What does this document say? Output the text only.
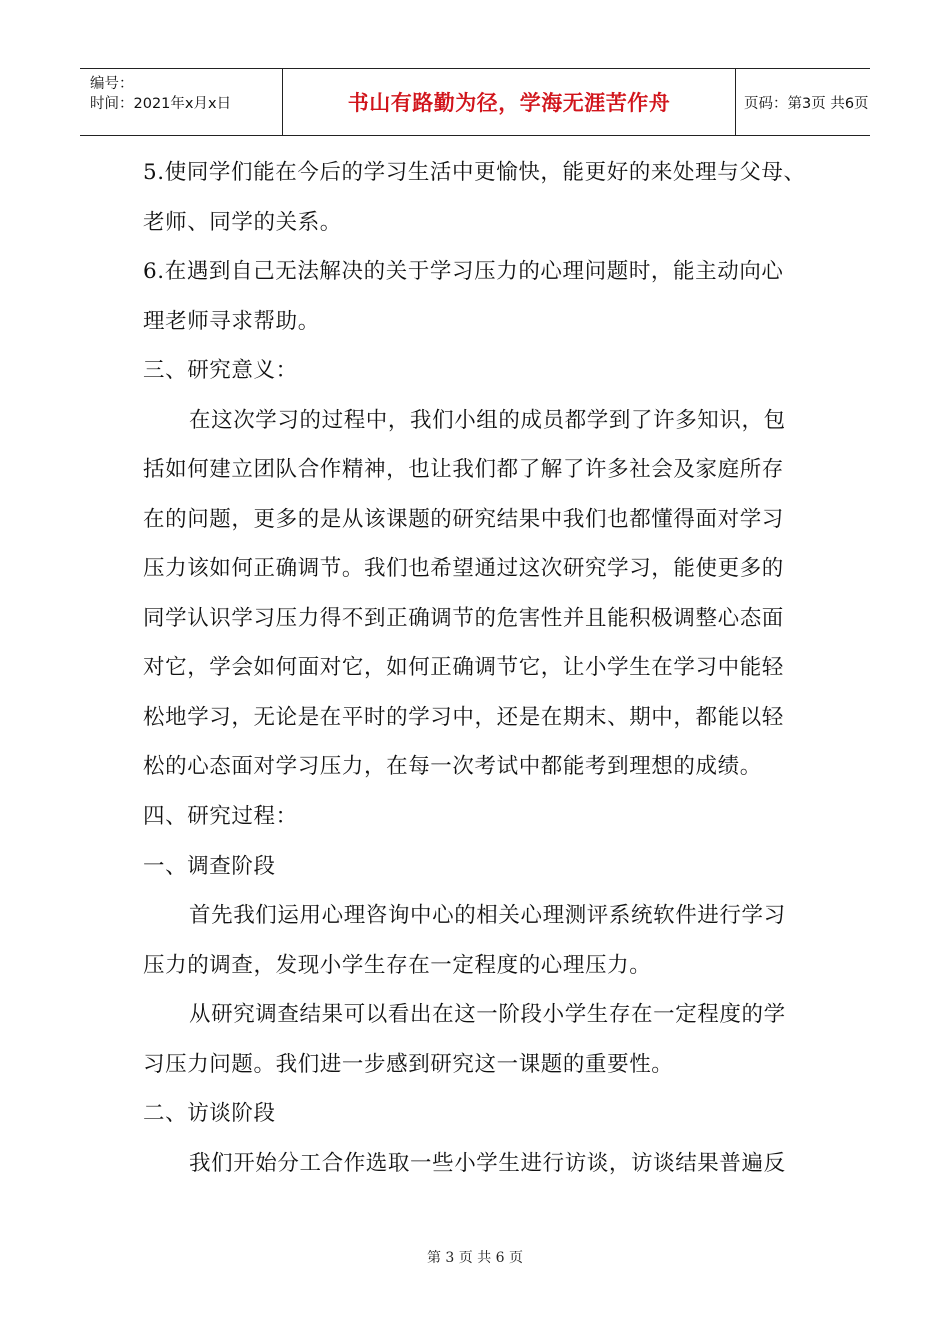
编号：
时间：2021年x月x日	书山有路勤为径，学海无涯苦作舟	页码：第3页 共6页
5.使同学们能在今后的学习生活中更愉快，能更好的来处理与父母、
老师、同学的关系。
6.在遇到自己无法解决的关于学习压力的心理问题时，能主动向心
理老师寻求帮助。
三、研究意义：
在这次学习的过程中，我们小组的成员都学到了许多知识，包
括如何建立团队合作精神，也让我们都了解了许多社会及家庭所存
在的问题，更多的是从该课题的研究结果中我们也都懂得面对学习
压力该如何正确调节。我们也希望通过这次研究学习，能使更多的
同学认识学习压力得不到正确调节的危害性并且能积极调整心态面
对它，学会如何面对它，如何正确调节它，让小学生在学习中能轻
松地学习，无论是在平时的学习中，还是在期末、期中，都能以轻
松的心态面对学习压力，在每一次考试中都能考到理想的成绩。
四、研究过程：
一、调查阶段
首先我们运用心理咨询中心的相关心理测评系统软件进行学习
压力的调查，发现小学生存在一定程度的心理压力。
从研究调查结果可以看出在这一阶段小学生存在一定程度的学
习压力问题。我们进一步感到研究这一课题的重要性。
二、访谈阶段
我们开始分工合作选取一些小学生进行访谈，访谈结果普遍反
第 3 页 共 6 页
